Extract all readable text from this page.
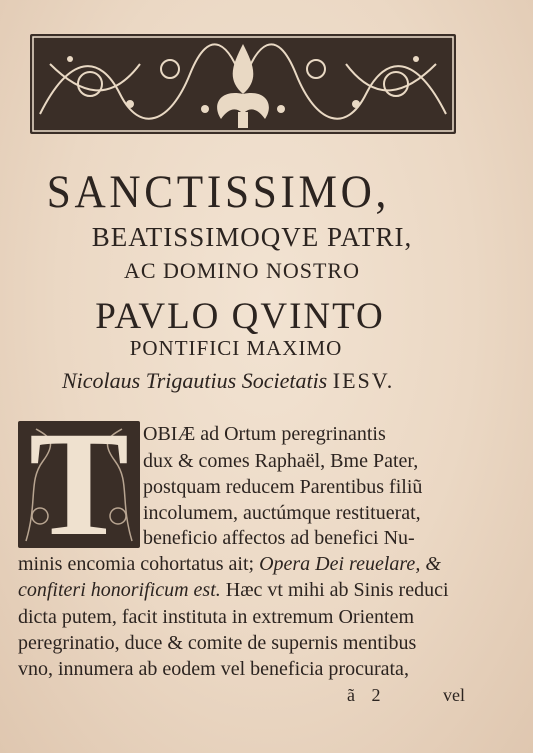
SANCTISSIMO,
BEATISSIMOQVE PATRI,
AC DOMINO NOSTRO
PAVLO QVINTO
PONTIFICI MAXIMO
Nicolaus Trigautius Societatis IESV.
T OBIÆ ad Ortum peregrinantis
dux & comes Raphaël, Bme Pater,
postquam reducem Parentibus filiũ
incolumem, auctúmque restituerat,
beneficio affectos ad benefici Nu-
minis encomia cohortatus ait; Opera Dei reuelare, &
confiteri honorificum est. Hæc vt mihi ab Sinis reduci
dicta putem, facit instituta in extremum Orientem
peregrinatio, duce & comite de supernis mentibus
vno, innumera ab eodem vel beneficia procurata,
ã 2	vel
